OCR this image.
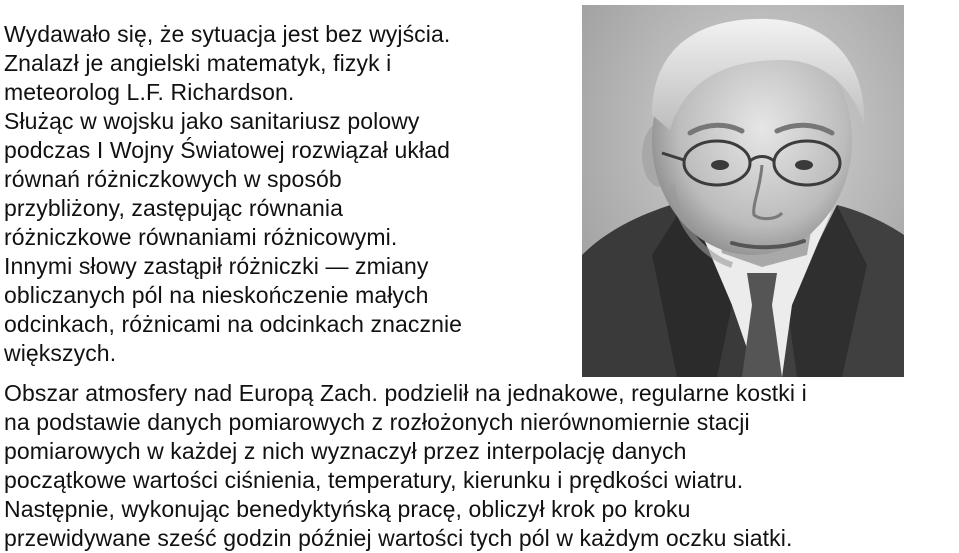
Wydawało się, że sytuacja jest bez wyjścia.

Znalazł je angielski matematyk, fizyk i

meteorolog L.F. Richardson.

Służąc w wojsku jako sanitariusz polowy

podczas I Wojny Światowej rozwiązał układ

równań różniczkowych w sposób

przybliżony, zastępując równania

różniczkowe równaniami różnicowymi.

Innymi słowy zastąpił różniczki — zmiany

obliczanych pól na nieskończenie małych

odcinkach, różnicami na odcinkach znacznie

większych.

Obszar atmosfery nad Europą Zach. podzielił na jednakowe, regularne kostki i

na podstawie danych pomiarowych z rozłożonych nierównomiernie stacji

pomiarowych w każdej z nich wyznaczył przez interpolację danych

początkowe wartości ciśnienia, temperatury, kierunku i prędkości wiatru.

Następnie, wykonując benedyktyńską pracę, obliczył krok po kroku

przewidywane sześć godzin później wartości tych pól w każdym oczku siatki.
